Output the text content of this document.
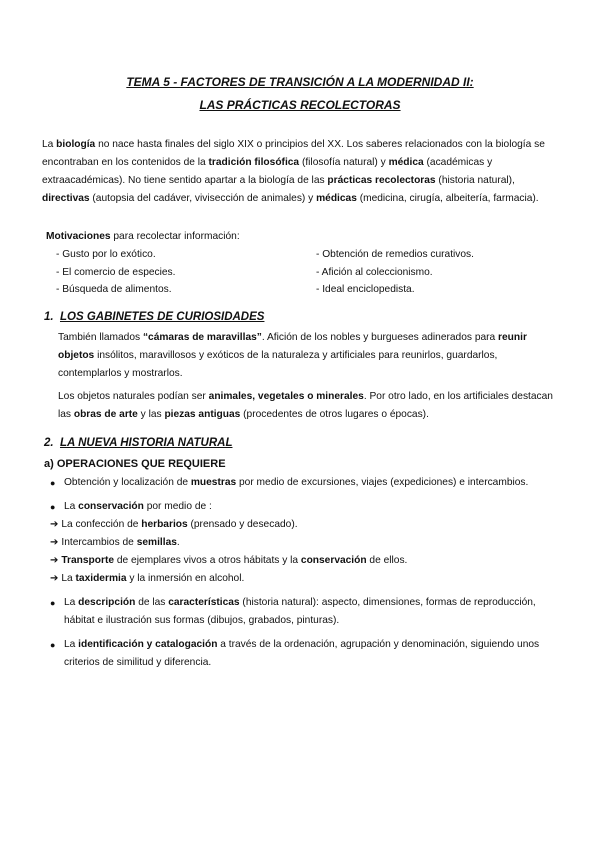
TEMA 5 - FACTORES DE TRANSICIÓN A LA MODERNIDAD II:
LAS PRÁCTICAS RECOLECTORAS
La biología no nace hasta finales del siglo XIX o principios del XX. Los saberes relacionados con la biología se encontraban en los contenidos de la tradición filosófica (filosofía natural) y médica (académicas y extraacadémicas). No tiene sentido apartar a la biología de las prácticas recolectoras (historia natural), directivas (autopsia del cadáver, vivisección de animales) y médicas (medicina, cirugía, albeitería, farmacia).
Motivaciones para recolectar información:
- Gusto por lo exótico.
- El comercio de especies.
- Búsqueda de alimentos.
- Obtención de remedios curativos.
- Afición al coleccionismo.
- Ideal enciclopedista.
1. LOS GABINETES DE CURIOSIDADES
También llamados “cámaras de maravillas”. Afición de los nobles y burgueses adinerados para reunir objetos insólitos, maravillosos y exóticos de la naturaleza y artificiales para reunirlos, guardarlos, contemplarlos y mostrarlos.
Los objetos naturales podían ser animales, vegetales o minerales. Por otro lado, en los artificiales destacan las obras de arte y las piezas antiguas (procedentes de otros lugares o épocas).
2. LA NUEVA HISTORIA NATURAL
a) OPERACIONES QUE REQUIERE
● Obtención y localización de muestras por medio de excursiones, viajes (expediciones) e intercambios.
● La conservación por medio de :
➔ La confección de herbarios (prensado y desecado).
➔ Intercambios de semillas.
➔ Transporte de ejemplares vivos a otros hábitats y la conservación de ellos.
➔ La taxidermia y la inmersión en alcohol.
● La descripción de las características (historia natural): aspecto, dimensiones, formas de reproducción, hábitat e ilustración sus formas (dibujos, grabados, pinturas).
● La identificación y catalogación a través de la ordenación, agrupación y denominación, siguiendo unos criterios de similitud y diferencia.
